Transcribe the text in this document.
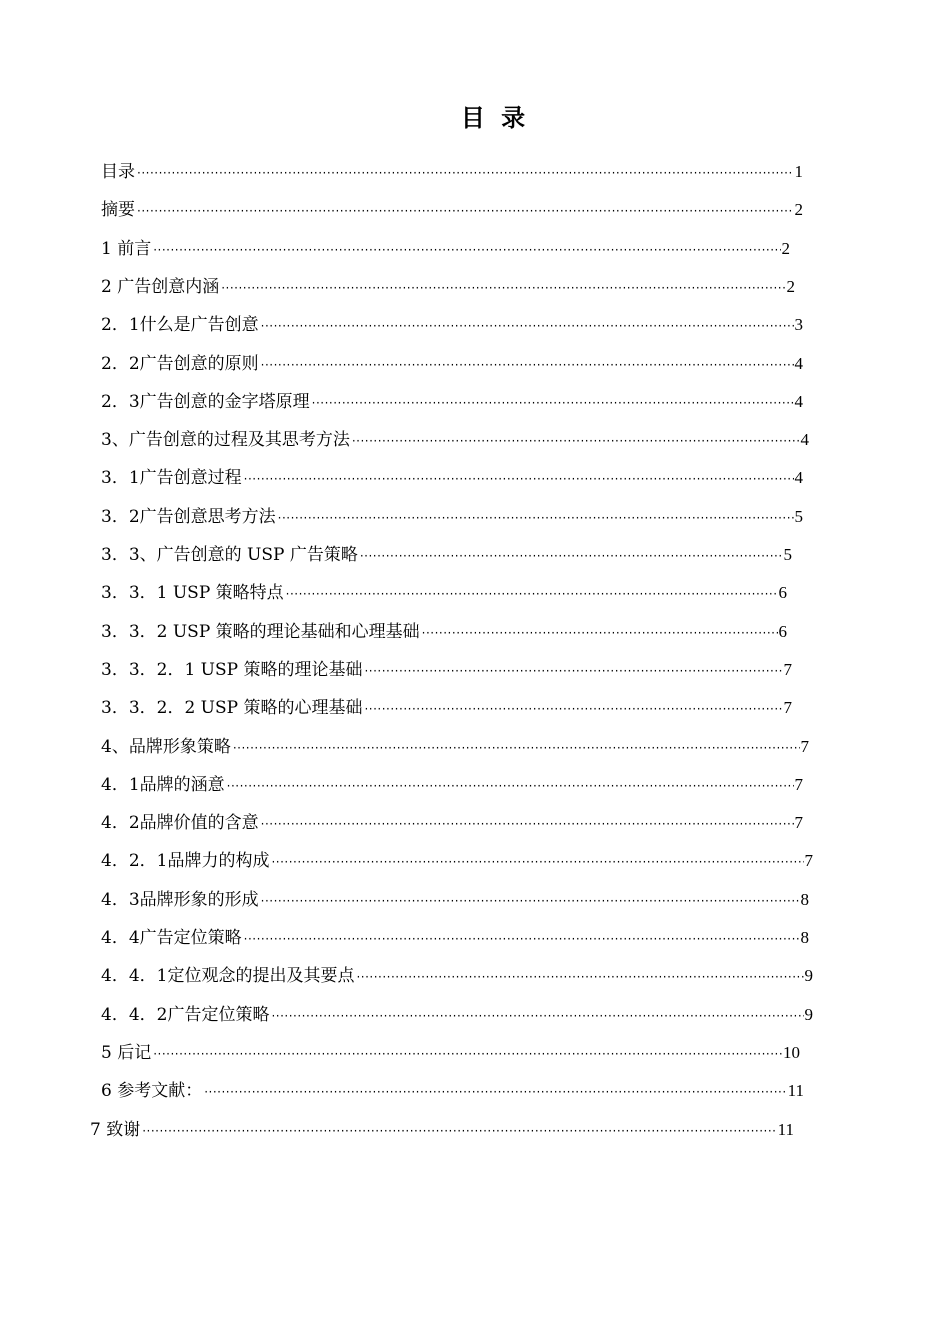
目 录
目录 ·····	1
摘要 ·····	2
1 前言 ·····	2
2 广告创意内涵 ·····	2
2．1什么是广告创意 ·····	3
2．2广告创意的原则 ·····	4
2．3广告创意的金字塔原理 ·····	4
3、广告创意的过程及其思考方法 ·····	4
3．1广告创意过程 ·····	4
3．2广告创意思考方法 ·····	5
3．3、广告创意的 USP 广告策略 ·····	5
3．3．1 USP 策略特点 ·····	6
3．3．2 USP 策略的理论基础和心理基础 ·····	6
3．3．2．1 USP 策略的理论基础 ·····	7
3．3．2．2 USP 策略的心理基础 ·····	7
4、品牌形象策略 ·····	7
4．1品牌的涵意 ·····	7
4．2品牌价值的含意 ·····	7
4．2．1品牌力的构成 ·····	7
4．3品牌形象的形成 ·····	8
4．4广告定位策略 ·····	8
4．4．1定位观念的提出及其要点 ·····	9
4．4．2广告定位策略 ·····	9
5 后记 ·····	10
6 参考文献： ·····	11
7 致谢 ·····	11
